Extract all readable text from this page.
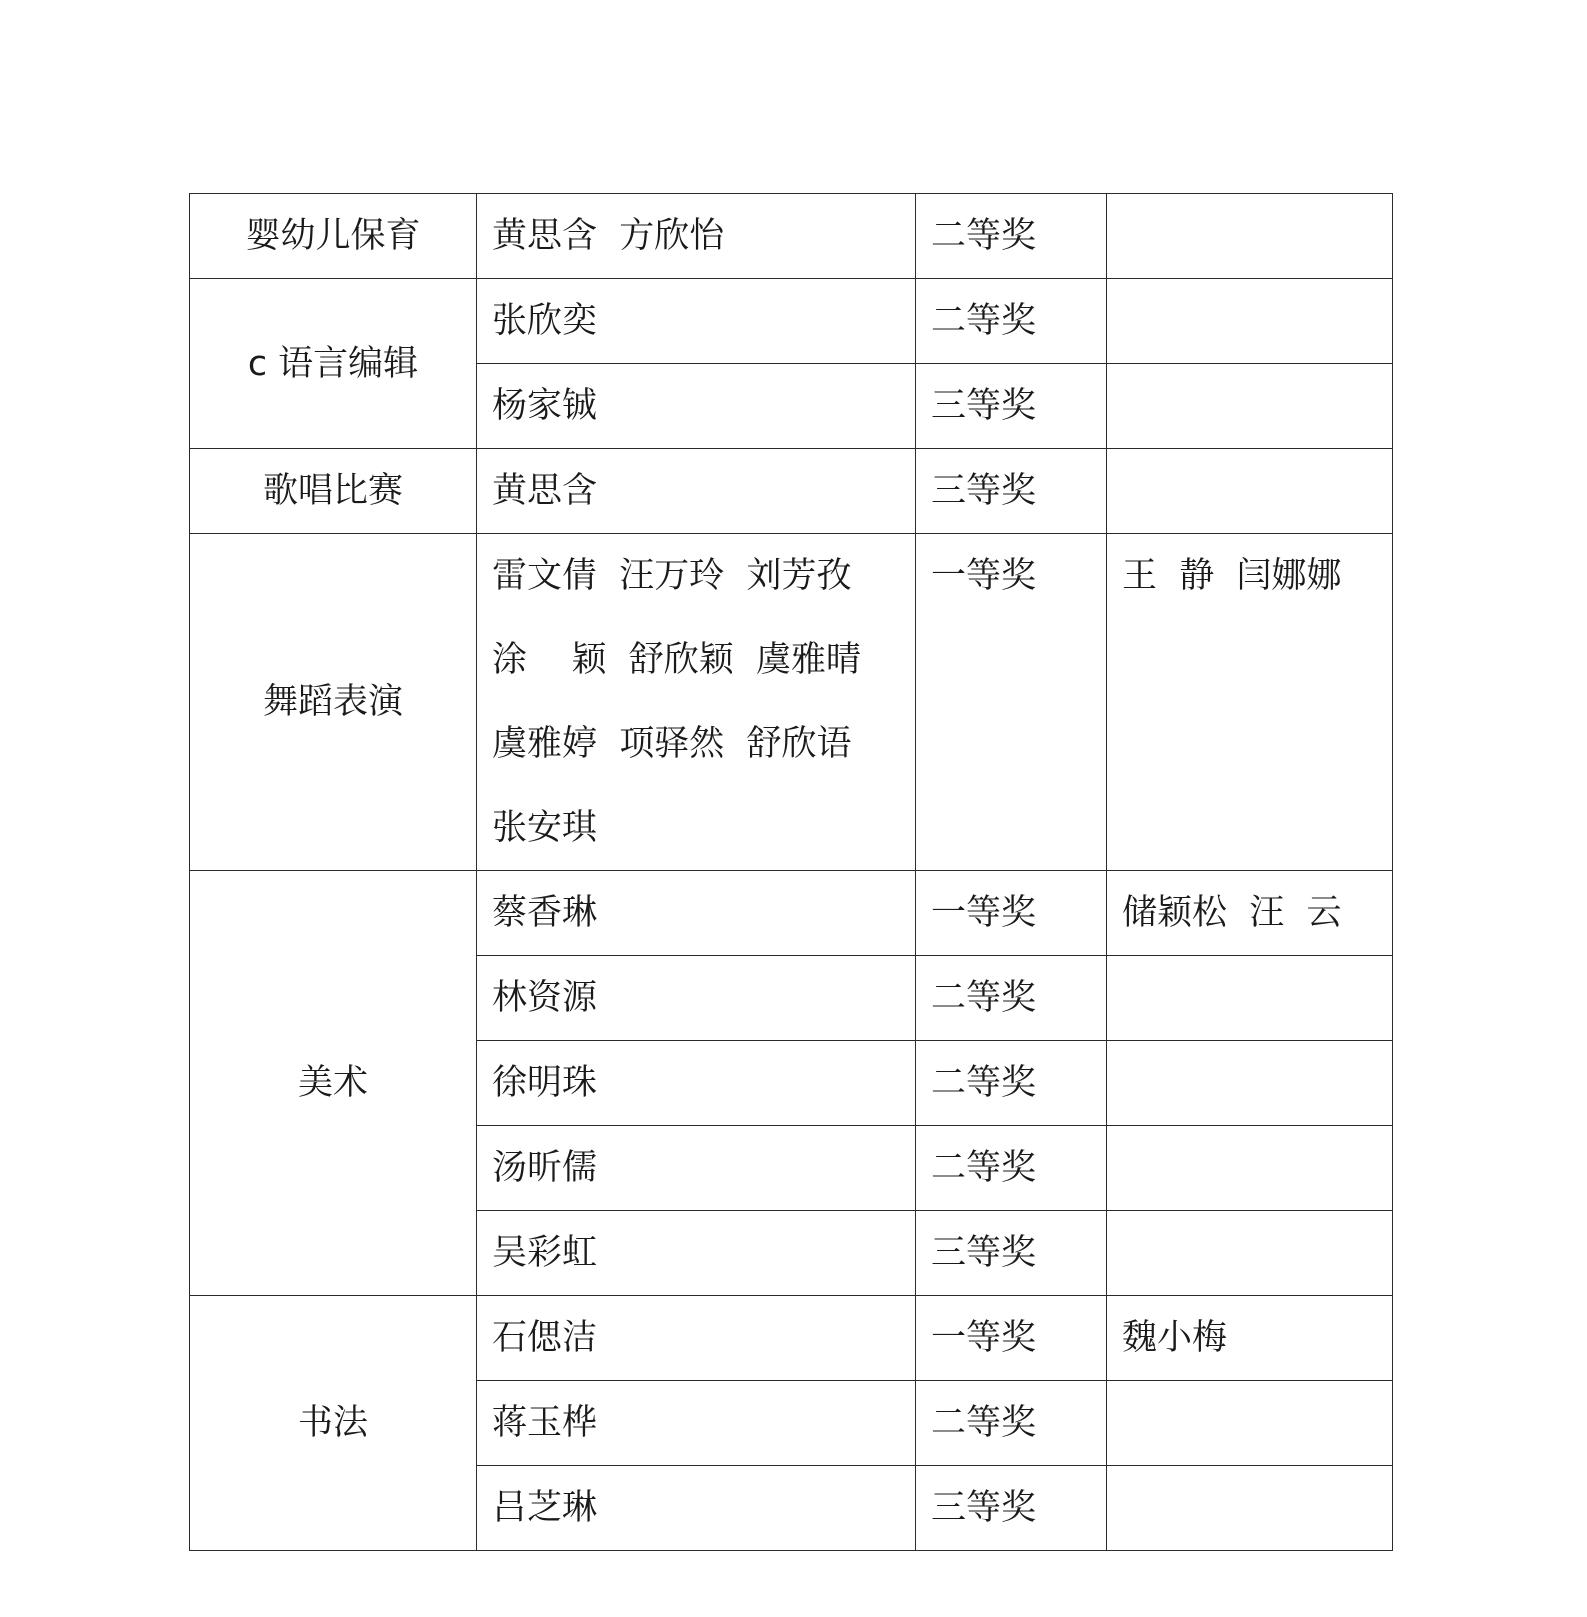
婴幼儿保育	黄思含  方欣怡	二等奖	
c 语言编辑	张欣奕	二等奖	

	杨家铖	三等奖	
歌唱比赛	黄思含	三等奖	
舞蹈表演	雷文倩  汪万玲  刘芳孜
涂    颖  舒欣颖  虞雅晴
虞雅婷  项驿然  舒欣语
张安琪	一等奖	王  静  闫娜娜
美术	蔡香琳	一等奖	储颖松  汪  云

	林资源	二等奖	

	徐明珠	二等奖	

	汤昕儒	二等奖	

	吴彩虹	三等奖	
书法	石偲洁	一等奖	魏小梅

	蒋玉桦	二等奖	

	吕芝琳	三等奖	
